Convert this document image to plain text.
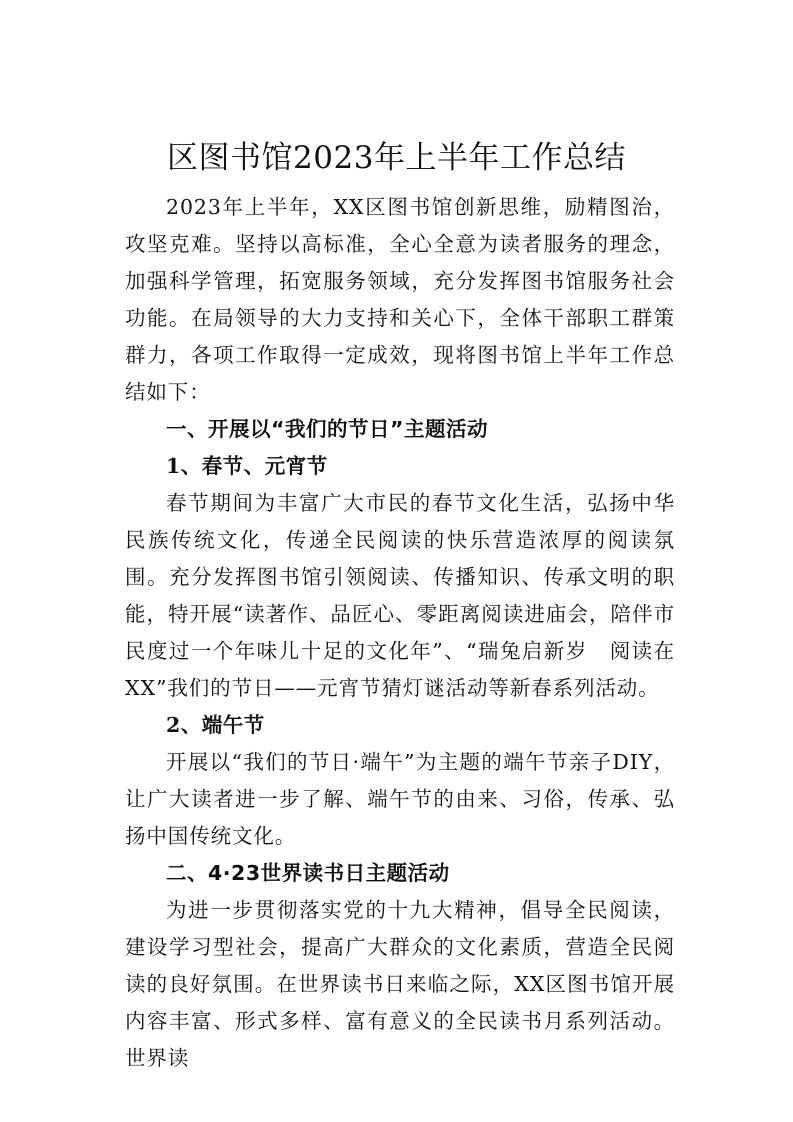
区图书馆2023年上半年工作总结

2023年上半年，XX区图书馆创新思维，励精图治，攻坚克难。坚持以高标准，全心全意为读者服务的理念，加强科学管理，拓宽服务领域，充分发挥图书馆服务社会功能。在局领导的大力支持和关心下，全体干部职工群策群力，各项工作取得一定成效，现将图书馆上半年工作总结如下：

一、开展以“我们的节日”主题活动

1、春节、元宵节

春节期间为丰富广大市民的春节文化生活，弘扬中华民族传统文化，传递全民阅读的快乐营造浓厚的阅读氛围。充分发挥图书馆引领阅读、传播知识、传承文明的职能，特开展“读著作、品匠心、零距离阅读进庙会，陪伴市民度过一个年味儿十足的文化年”、“瑞兔启新岁　阅读在XX”我们的节日——元宵节猜灯谜活动等新春系列活动。

2、端午节

开展以“我们的节日·端午”为主题的端午节亲子DIY，让广大读者进一步了解、端午节的由来、习俗，传承、弘扬中国传统文化。

二、4·23世界读书日主题活动

为进一步贯彻落实党的十九大精神，倡导全民阅读，建设学习型社会，提高广大群众的文化素质，营造全民阅读的良好氛围。在世界读书日来临之际，XX区图书馆开展内容丰富、形式多样、富有意义的全民读书月系列活动。世界读
